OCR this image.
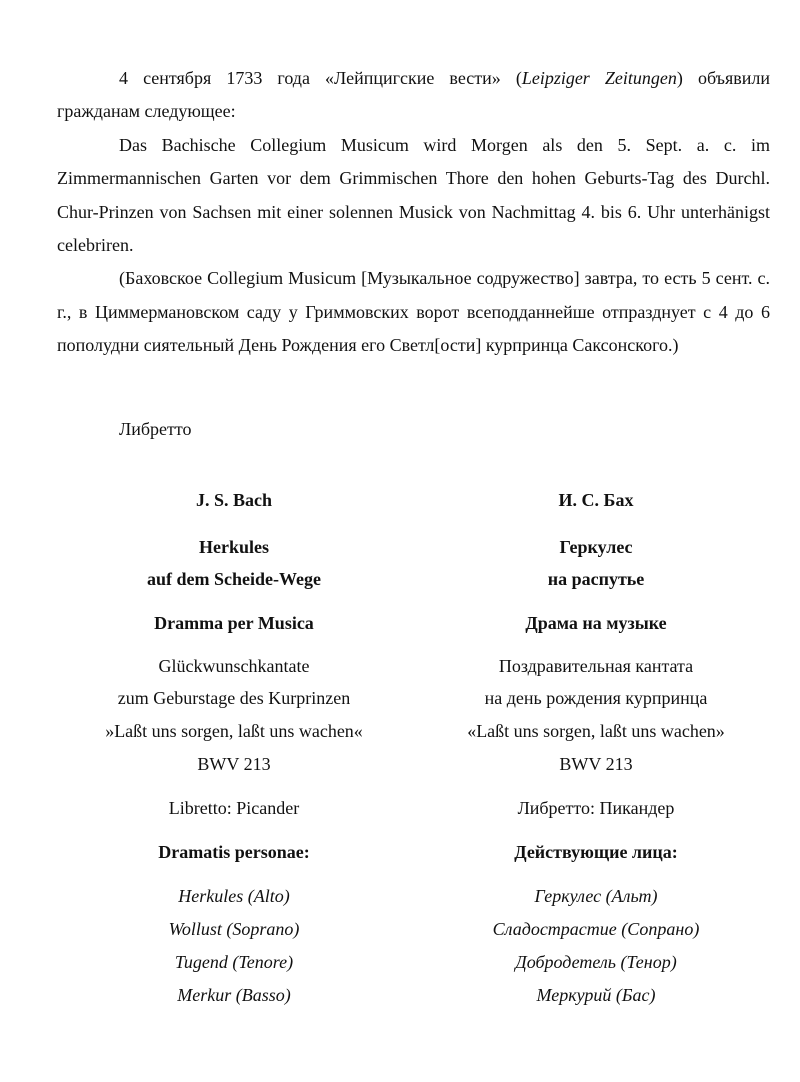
4 сентября 1733 года «Лейпцигские вести» (Leipziger Zeitungen) объявили гражданам следующее:

Das Bachische Collegium Musicum wird Morgen als den 5. Sept. a. c. im Zimmermannischen Garten vor dem Grimmischen Thore den hohen Geburts-Tag des Durchl. Chur-Prinzen von Sachsen mit einer solennen Musick von Nachmittag 4. bis 6. Uhr unterhänigst celebriren.

(Баховское Collegium Musicum [Музыкальное содружество] завтра, то есть 5 сент. с. г., в Циммермановском саду у Гриммовских ворот всеподданнейше отпразднует с 4 до 6 пополудни сиятельный День Рождения его Светл[ости] курпринца Саксонского.)

Либретто
J. S. Bach
Herkules
auf dem Scheide-Wege
Dramma per Musica
Glückwunschkantate
zum Geburstage des Kurprinzen
»Laßt uns sorgen, laßt uns wachen«
BWV 213
Libretto: Picander
Dramatis personae:
Herkules (Alto)
Wollust (Soprano)
Tugend (Tenore)
Merkur (Basso)
И. С. Бах
Геркулес
на распутье
Драма на музыке
Поздравительная кантата
на день рождения курпринца
«Laßt uns sorgen, laßt uns wachen»
BWV 213
Либретто: Пикандер
Действующие лица:
Геркулес (Альт)
Сладострастие (Сопрано)
Добродетель (Тенор)
Меркурий (Бас)
